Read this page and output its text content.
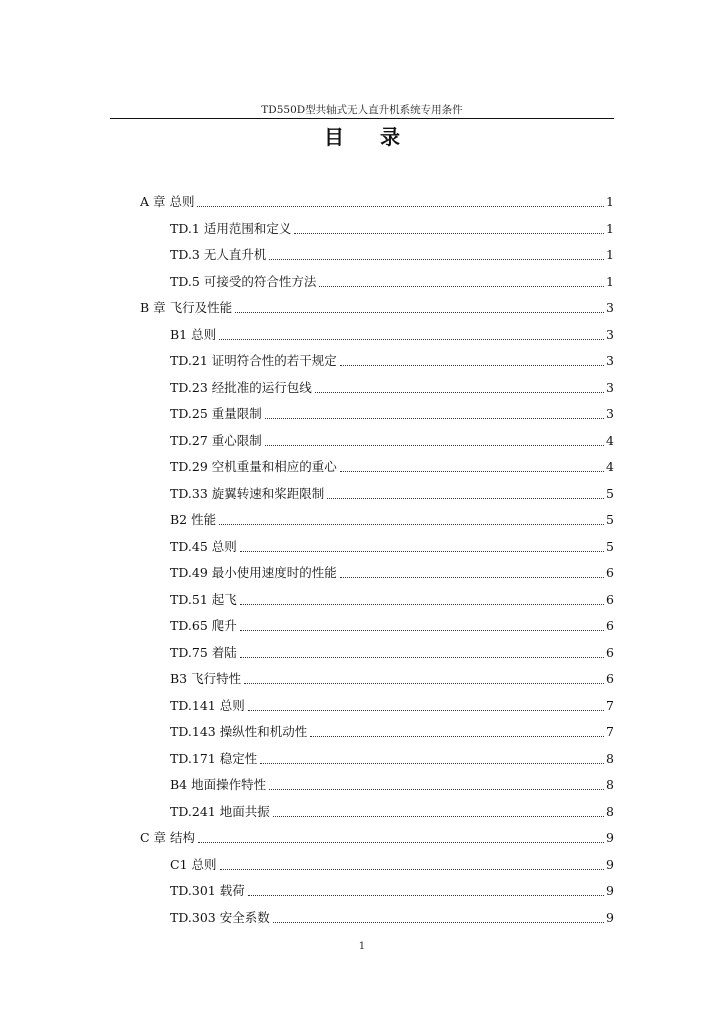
TD550D型共轴式无人直升机系统专用条件
目 录
A 章 总则	1
TD.1 适用范围和定义	1
TD.3 无人直升机	1
TD.5 可接受的符合性方法	1
B 章 飞行及性能	3
B1 总则	3
TD.21 证明符合性的若干规定	3
TD.23 经批准的运行包线	3
TD.25 重量限制	3
TD.27 重心限制	4
TD.29 空机重量和相应的重心	4
TD.33 旋翼转速和桨距限制	5
B2 性能	5
TD.45 总则	5
TD.49 最小使用速度时的性能	6
TD.51 起飞	6
TD.65 爬升	6
TD.75 着陆	6
B3 飞行特性	6
TD.141 总则	7
TD.143 操纵性和机动性	7
TD.171 稳定性	8
B4 地面操作特性	8
TD.241 地面共振	8
C 章 结构	9
C1 总则	9
TD.301 载荷	9
TD.303 安全系数	9
1
